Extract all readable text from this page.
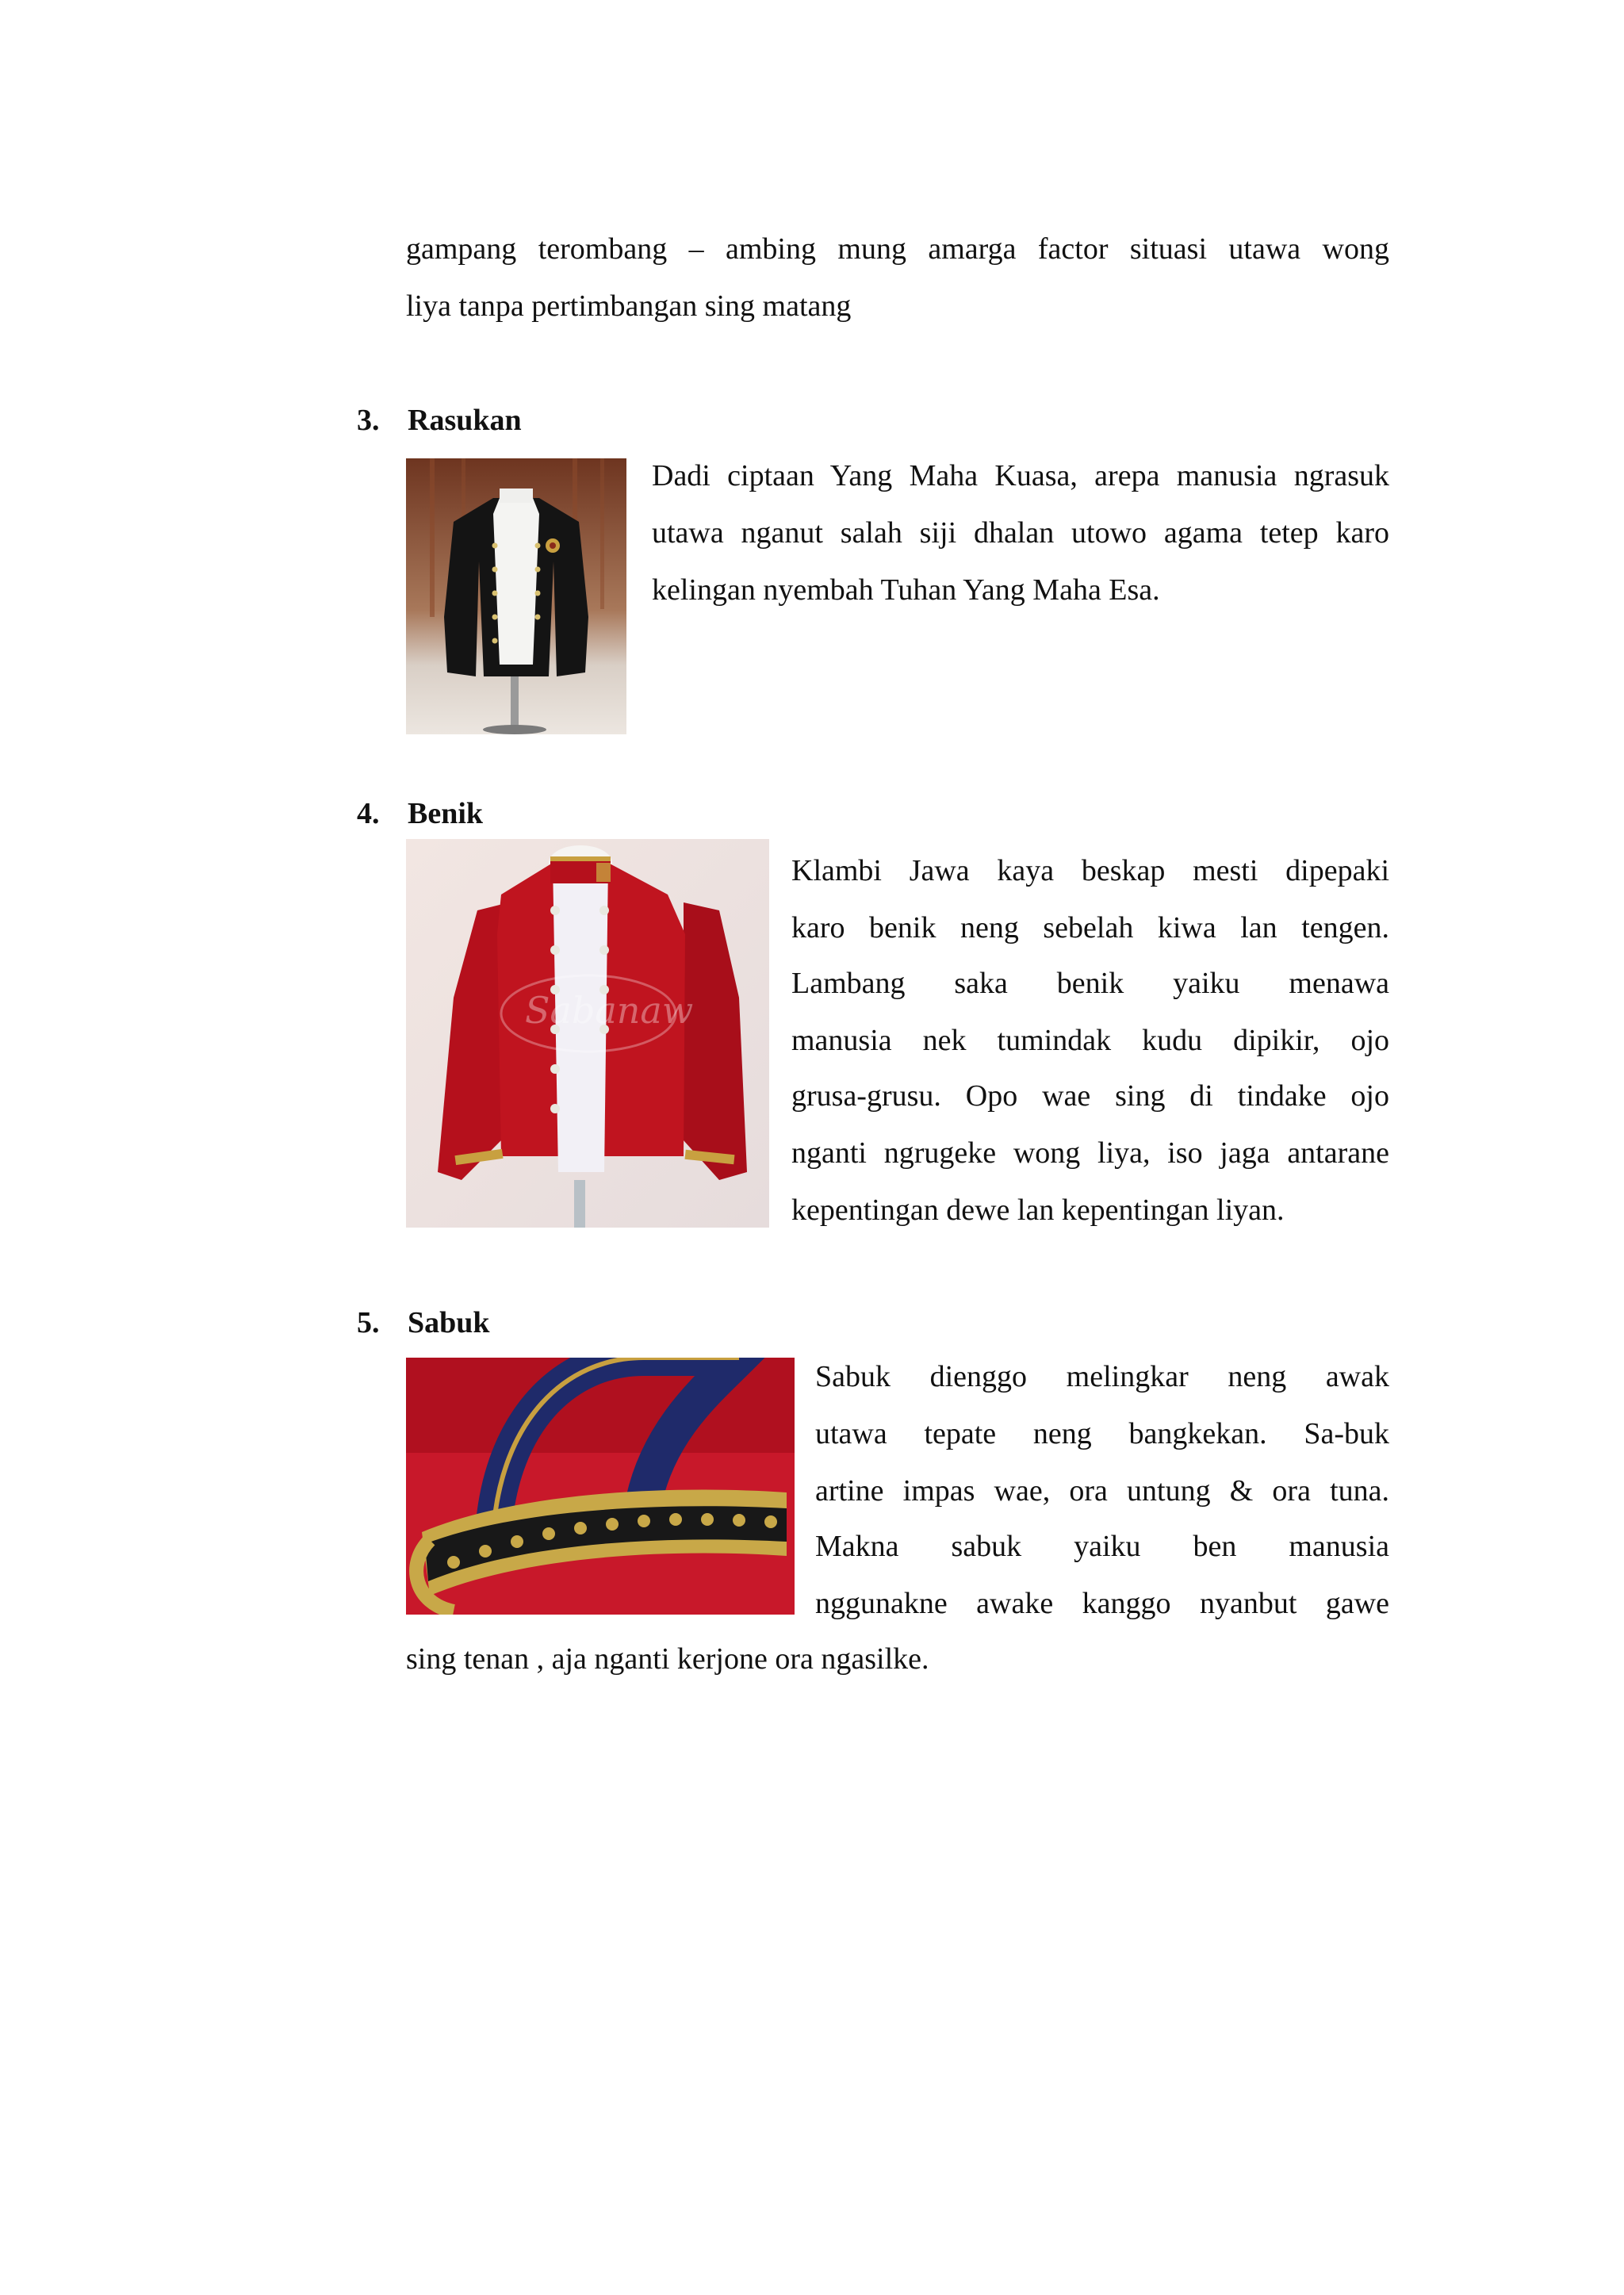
gampang terombang – ambing mung amarga factor situasi utawa wong
liya tanpa pertimbangan sing matang
3. Rasukan
Dadi ciptaan Yang Maha Kuasa, arepa manusia ngrasuk
utawa nganut salah siji dhalan utowo agama tetep karo
kelingan nyembah Tuhan Yang Maha Esa.
4. Benik
Sabanaw
Klambi Jawa kaya beskap mesti dipepaki
karo benik neng sebelah kiwa lan tengen.
Lambang saka benik yaiku menawa
manusia nek tumindak kudu dipikir, ojo
grusa-grusu. Opo wae sing di tindake ojo
nganti ngrugeke wong liya, iso jaga antarane
kepentingan dewe lan kepentingan liyan.
5. Sabuk
Sabuk dienggo melingkar neng awak
utawa tepate neng bangkekan. Sa-buk
artine impas wae, ora untung & ora tuna.
Makna sabuk yaiku ben manusia
nggunakne awake kanggo nyanbut gawe
sing tenan , aja nganti kerjone ora ngasilke.
